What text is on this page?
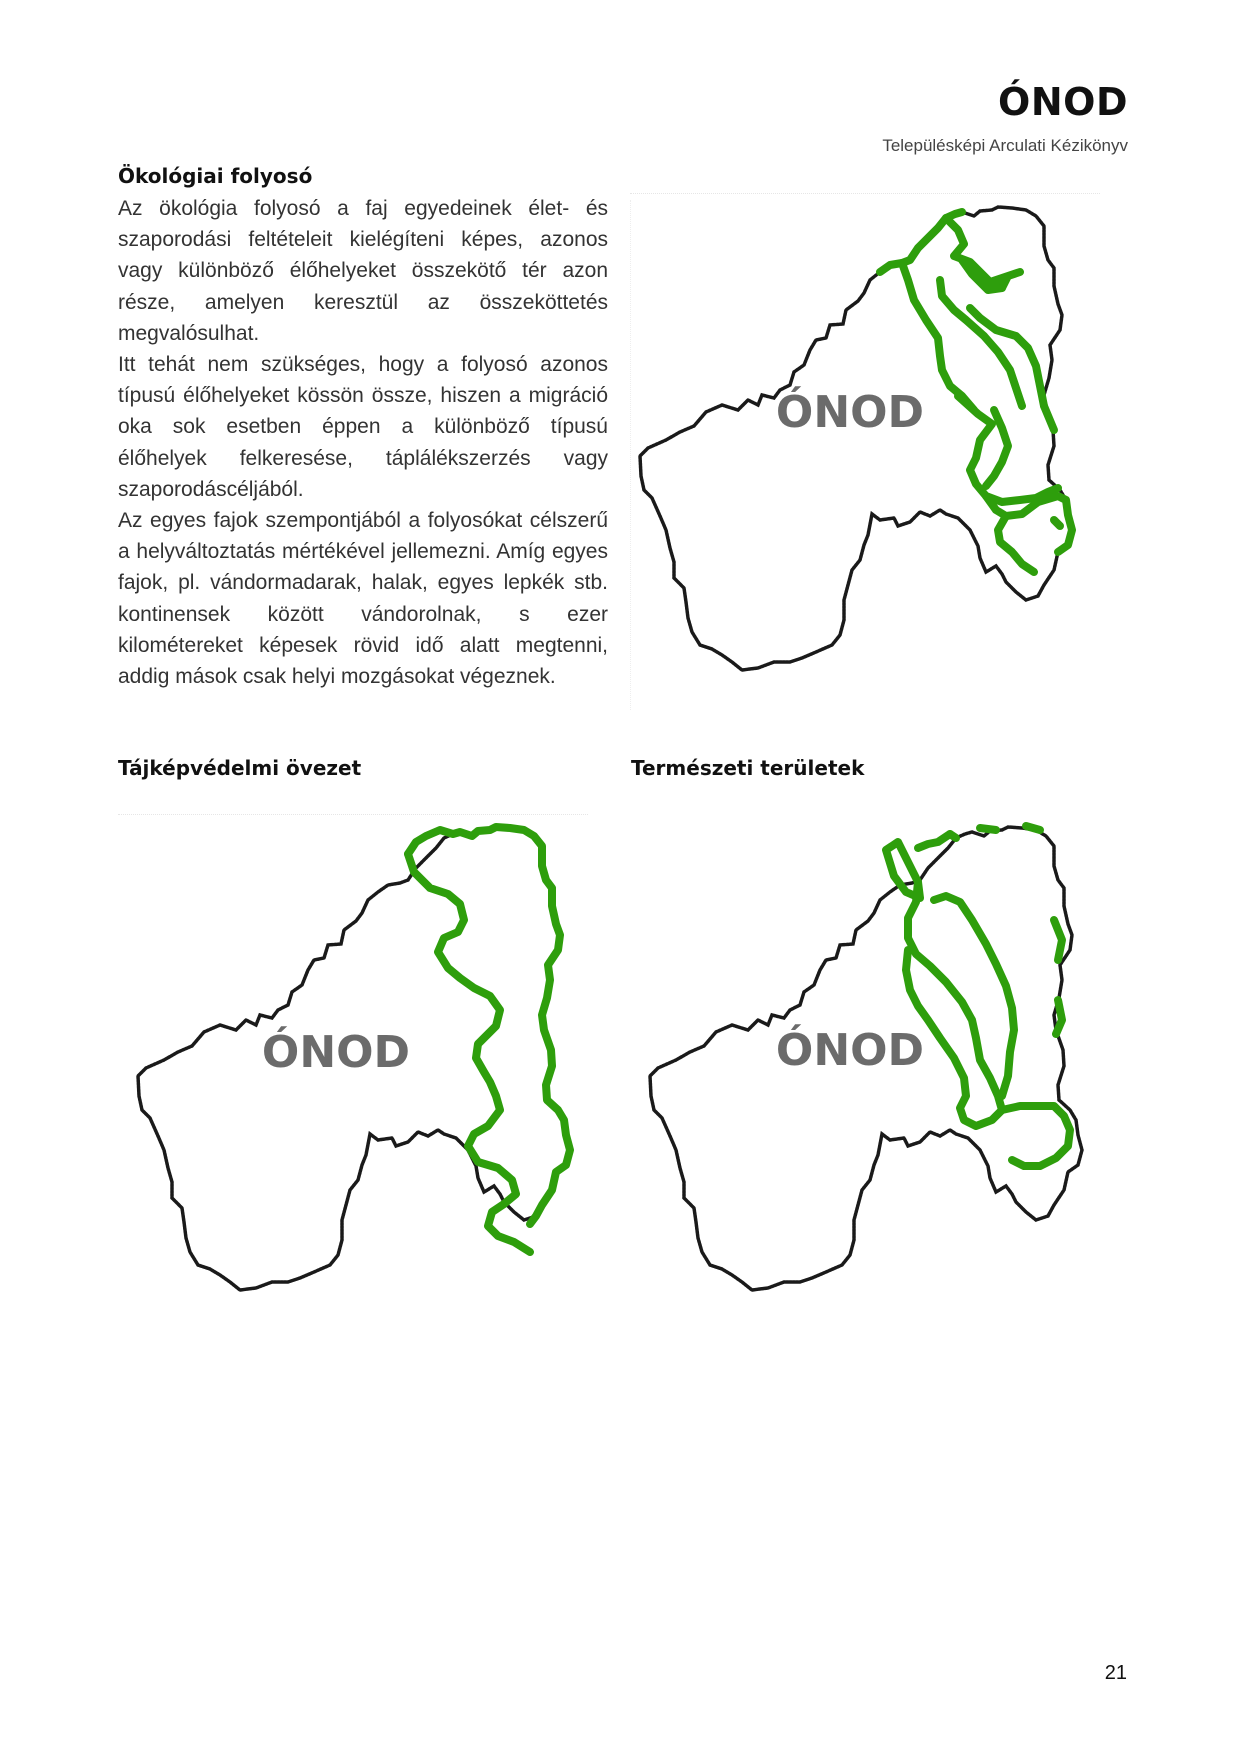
ÓNOD
Településképi Arculati Kézikönyv
Ökológiai folyosó

Az ökológia folyosó a faj egyedeinek élet- és szaporodási feltételeit kielégíteni képes, azonos vagy különböző élőhelyeket összekötő tér azon része, amelyen keresztül az összeköttetés megvalósulhat.

Itt tehát nem szükséges, hogy a folyosó azonos típusú élőhelyeket kössön össze, hiszen a migráció oka sok esetben éppen a különböző típusú élőhelyek felkeresése, táplálékszerzés vagy szaporodáscéljából.

Az egyes fajok szempontjából a folyosókat célszerű a helyváltoztatás mértékével jellemezni. Amíg egyes fajok, pl. vándormadarak, halak, egyes lepkék stb. kontinensek között vándorolnak, s ezer kilométereket képesek rövid idő alatt megtenni, addig mások csak helyi mozgásokat végeznek.

ÓNOD
Tájképvédelmi övezet
ÓNOD
Természeti területek
ÓNOD
21
